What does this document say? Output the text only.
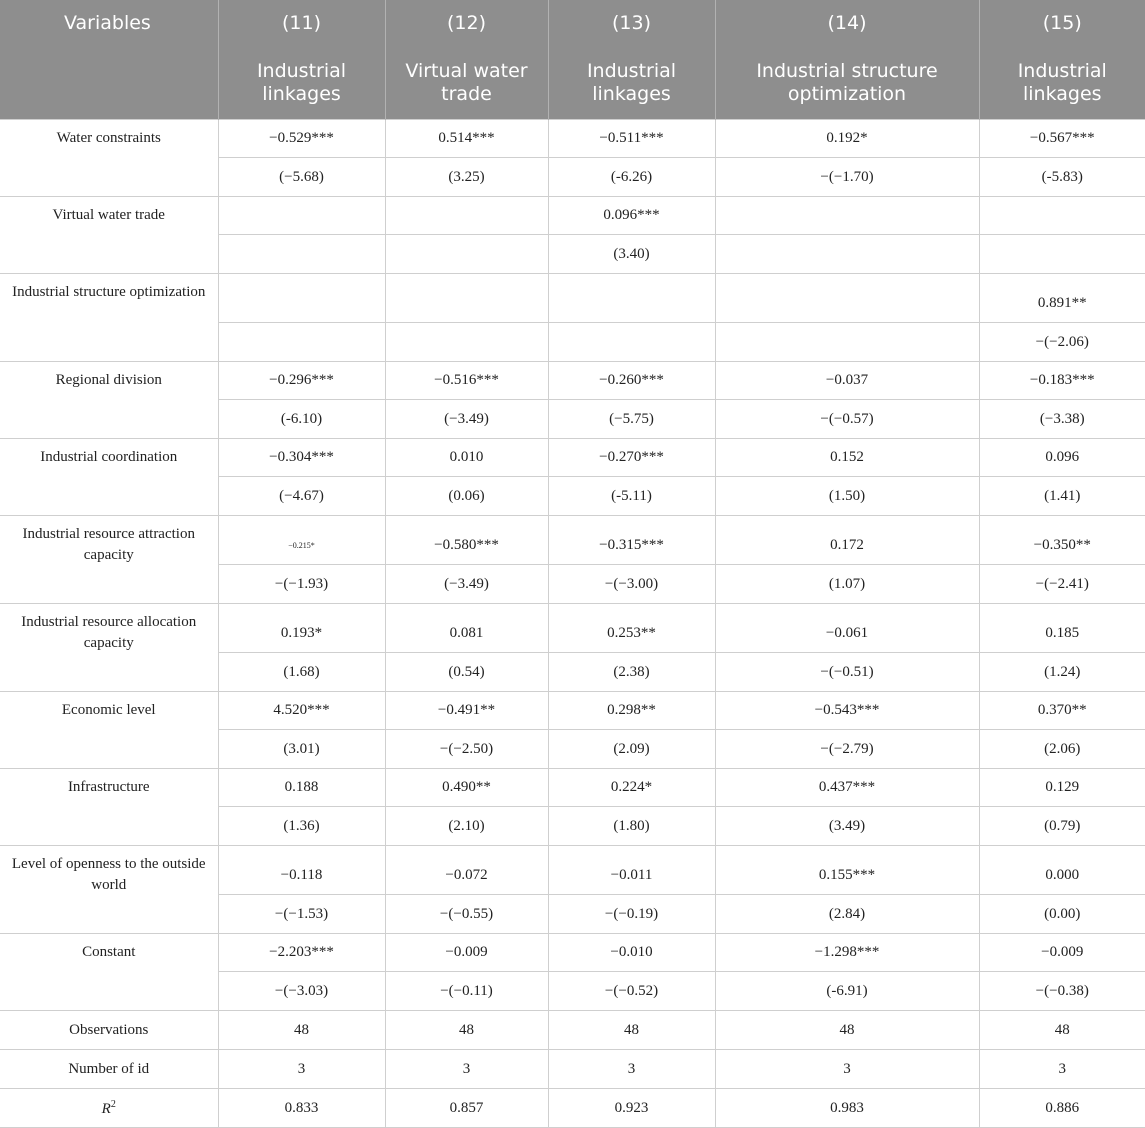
Variables	(11)	(12)	(13)	(14)	(15)
	Industrial linkages	Virtual water trade	Industrial linkages	Industrial structure optimization	Industrial linkages
Water constraints	−0.529***	0.514***	−0.511***	0.192*	−0.567***
	(−5.68)	(3.25)	(-6.26)	−(−1.70)	(-5.83)
Virtual water trade			0.096***		
			(3.40)		
Industrial structure optimization					0.891**
					−(−2.06)
Regional division	−0.296***	−0.516***	−0.260***	−0.037	−0.183***
	(-6.10)	(−3.49)	(−5.75)	−(−0.57)	(−3.38)
Industrial coordination	−0.304***	0.010	−0.270***	0.152	0.096
	(−4.67)	(0.06)	(-5.11)	(1.50)	(1.41)
Industrial resource attraction capacity	−0.215*	−0.580***	−0.315***	0.172	−0.350**
	−(−1.93)	(−3.49)	−(−3.00)	(1.07)	−(−2.41)
Industrial resource allocation capacity	0.193*	0.081	0.253**	−0.061	0.185
	(1.68)	(0.54)	(2.38)	−(−0.51)	(1.24)
Economic level	4.520***	−0.491**	0.298**	−0.543***	0.370**
	(3.01)	−(−2.50)	(2.09)	−(−2.79)	(2.06)
Infrastructure	0.188	0.490**	0.224*	0.437***	0.129
	(1.36)	(2.10)	(1.80)	(3.49)	(0.79)
Level of openness to the outside world	−0.118	−0.072	−0.011	0.155***	0.000
	−(−1.53)	−(−0.55)	−(−0.19)	(2.84)	(0.00)
Constant	−2.203***	−0.009	−0.010	−1.298***	−0.009
	−(−3.03)	−(−0.11)	−(−0.52)	(-6.91)	−(−0.38)
Observations	48	48	48	48	48
Number of id	3	3	3	3	3
$R^2$	0.833	0.857	0.923	0.983	0.886
